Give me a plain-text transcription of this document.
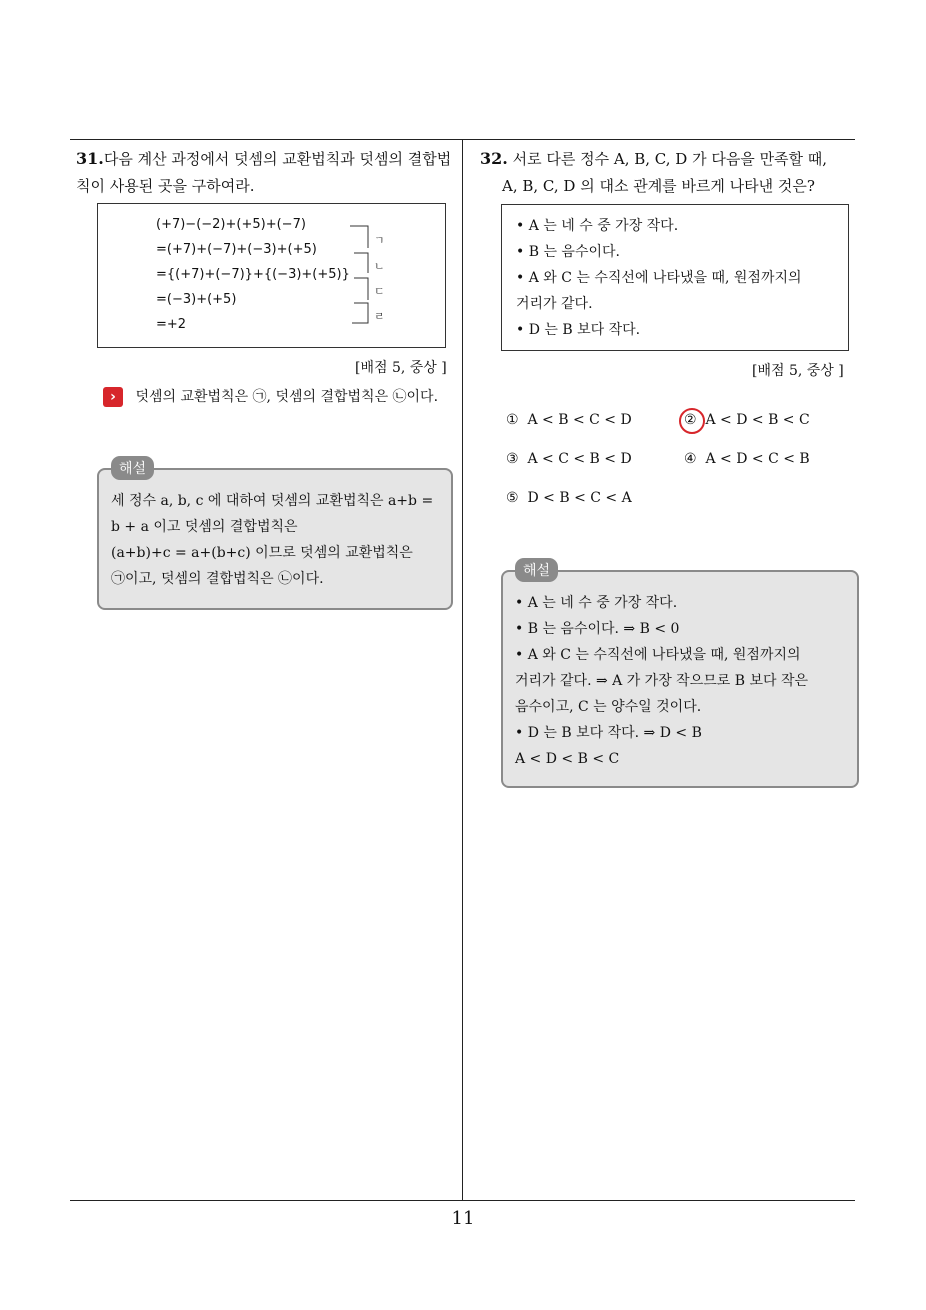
31.다음 계산 과정에서 덧셈의 교환법칙과 덧셈의 결합법칙이 사용된 곳을 구하여라.
(+7)−(−2)+(+5)+(−7)
=(+7)+(−7)+(−3)+(+5)
={(+7)+(−7)}+{(−3)+(+5)}
=(−3)+(+5)
=+2
ㄱ
ㄴ
ㄷ
ㄹ
[배점 5, 중상 ]
› 덧셈의 교환법칙은 ㉠, 덧셈의 결합법칙은 ㉡이다.
세 정수 a, b, c 에 대하여 덧셈의 교환법칙은 a+b =
b + a 이고 덧셈의 결합법칙은
(a+b)+c = a+(b+c) 이므로 덧셈의 교환법칙은
㉠이고, 덧셈의 결합법칙은 ㉡이다.
해설
32. 서로 다른 정수 A, B, C, D 가 다음을 만족할 때,
A, B, C, D 의 대소 관계를 바르게 나타낸 것은?
• A 는 네 수 중 가장 작다.
• B 는 음수이다.
• A 와 C 는 수직선에 나타냈을 때, 원점까지의
거리가 같다.
• D 는 B 보다 작다.
[배점 5, 중상 ]
① A < B < C < D	② A < D < B < C
③ A < C < B < D	④ A < D < C < B
⑤ D < B < C < A
• A 는 네 수 중 가장 작다.
• B 는 음수이다. ⇒ B < 0
• A 와 C 는 수직선에 나타냈을 때, 원점까지의
거리가 같다. ⇒ A 가 가장 작으므로 B 보다 작은
음수이고, C 는 양수일 것이다.
• D 는 B 보다 작다. ⇒ D < B
A < D < B < C
해설
11
